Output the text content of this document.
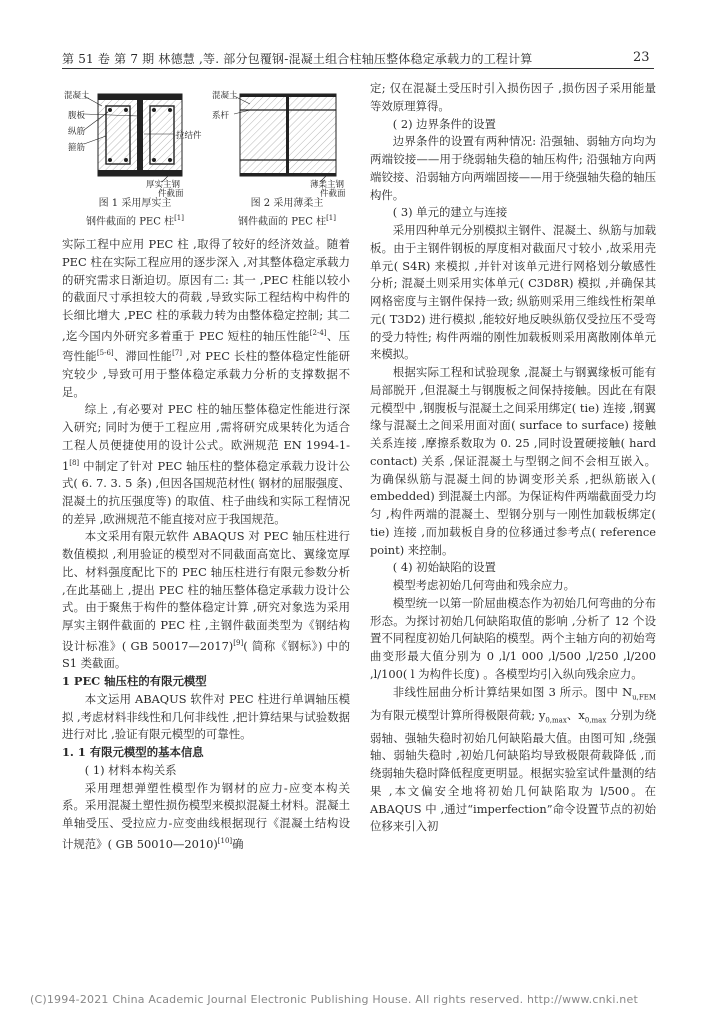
第 51 卷 第 7 期 林德慧 ,等. 部分包覆钢-混凝土组合柱轴压整体稳定承载力的工程计算	23
混凝土
腹板
纵筋
箍筋
拉结件
厚实主钢
件截面
图 1 采用厚实主
钢件截面的 PEC 柱[1]
混凝土
系杆
薄柔主钢
件截面
图 2 采用薄柔主
钢件截面的 PEC 柱[1]

实际工程中应用 PEC 柱 ,取得了较好的经济效益。随着 PEC 柱在实际工程应用的逐步深入 ,对其整体稳定承载力的研究需求日渐迫切。原因有二: 其一 ,PEC 柱能以较小的截面尺寸承担较大的荷载 ,导致实际工程结构中构件的长细比增大 ,PEC 柱的承载力转为由整体稳定控制; 其二 ,迄今国内外研究多着重于 PEC 短柱的轴压性能[2-4]、压弯性能[5-6]、滞回性能[7] ,对 PEC 长柱的整体稳定性能研究较少 ,导致可用于整体稳定承载力分析的支撑数据不足。

综上 ,有必要对 PEC 柱的轴压整体稳定性能进行深入研究; 同时为便于工程应用 ,需将研究成果转化为适合工程人员便捷使用的设计公式。欧洲规范 EN 1994-1-1[8] 中制定了针对 PEC 轴压柱的整体稳定承载力设计公式( 6. 7. 3. 5 条) ,但因各国规范材性( 钢材的屈服强度、混凝土的抗压强度等) 的取值、柱子曲线和实际工程情况的差异 ,欧洲规范不能直接对应于我国规范。

本文采用有限元软件 ABAQUS 对 PEC 轴压柱进行数值模拟 ,利用验证的模型对不同截面高宽比、翼缘宽厚比、材料强度配比下的 PEC 轴压柱进行有限元参数分析 ,在此基础上 ,提出 PEC 柱的轴压整体稳定承载力设计公式。由于聚焦于构件的整体稳定计算 ,研究对象选为采用厚实主钢件截面的 PEC 柱 ,主钢件截面类型为《钢结构设计标准》( GB 50017—2017)[9]( 简称《钢标》) 中的 S1 类截面。

1 PEC 轴压柱的有限元模型

本文运用 ABAQUS 软件对 PEC 柱进行单调轴压模拟 ,考虑材料非线性和几何非线性 ,把计算结果与试验数据进行对比 ,验证有限元模型的可靠性。

1. 1 有限元模型的基本信息

( 1) 材料本构关系

采用理想弹塑性模型作为钢材的应力-应变本构关系。采用混凝土塑性损伤模型来模拟混凝土材料。混凝土单轴受压、受拉应力-应变曲线根据现行《混凝土结构设计规范》( GB 50010—2010)[10]确

定; 仅在混凝土受压时引入损伤因子 ,损伤因子采用能量等效原理算得。

( 2) 边界条件的设置

边界条件的设置有两种情况: 沿强轴、弱轴方向均为两端铰接——用于绕弱轴失稳的轴压构件; 沿强轴方向两端铰接、沿弱轴方向两端固接——用于绕强轴失稳的轴压构件。

( 3) 单元的建立与连接

采用四种单元分别模拟主钢件、混凝土、纵筋与加载板。由于主钢件钢板的厚度相对截面尺寸较小 ,故采用壳单元( S4R) 来模拟 ,并针对该单元进行网格划分敏感性分析; 混凝土则采用实体单元( C3D8R) 模拟 ,并确保其网格密度与主钢件保持一致; 纵筋则采用三维线性桁架单元( T3D2) 进行模拟 ,能较好地反映纵筋仅受拉压不受弯的受力特性; 构件两端的刚性加载板则采用离散刚体单元来模拟。

根据实际工程和试验现象 ,混凝土与钢翼缘板可能有局部脱开 ,但混凝土与钢腹板之间保持接触。因此在有限元模型中 ,钢腹板与混凝土之间采用绑定( tie) 连接 ,钢翼缘与混凝土之间采用面对面( surface to surface) 接触关系连接 ,摩擦系数取为 0. 25 ,同时设置硬接触( hard contact) 关系 ,保证混凝土与型钢之间不会相互嵌入。为确保纵筋与混凝土间的协调变形关系 ,把纵筋嵌入( embedded) 到混凝土内部。为保证构件两端截面受力均匀 ,构件两端的混凝土、型钢分别与一刚性加载板绑定( tie) 连接 ,而加载板自身的位移通过参考点( reference point) 来控制。

( 4) 初始缺陷的设置

模型考虑初始几何弯曲和残余应力。

模型统一以第一阶屈曲模态作为初始几何弯曲的分布形态。为探讨初始几何缺陷取值的影响 ,分析了 12 个设置不同程度初始几何缺陷的模型。两个主轴方向的初始弯曲变形最大值分别为 0 ,l/1 000 ,l/500 ,l/250 ,l/200 ,l/100( l 为构件长度) 。各模型均引入纵向残余应力。

非线性屈曲分析计算结果如图 3 所示。图中 $N_{u,FEM}$ 为有限元模型计算所得极限荷载; $y_{0,max}$、$x_{0,max}$ 分别为绕弱轴、强轴失稳时初始几何缺陷最大值。由图可知 ,绕强轴、弱轴失稳时 ,初始几何缺陷均导致极限荷载降低 ,而绕弱轴失稳时降低程度更明显。根据实验室试件量测的结果 ,本文偏安全地将初始几何缺陷取为 l/500。在 ABAQUS 中 ,通过“imperfection”命令设置节点的初始位移来引入初

(C)1994-2021 China Academic Journal Electronic Publishing House. All rights reserved. http://www.cnki.net
